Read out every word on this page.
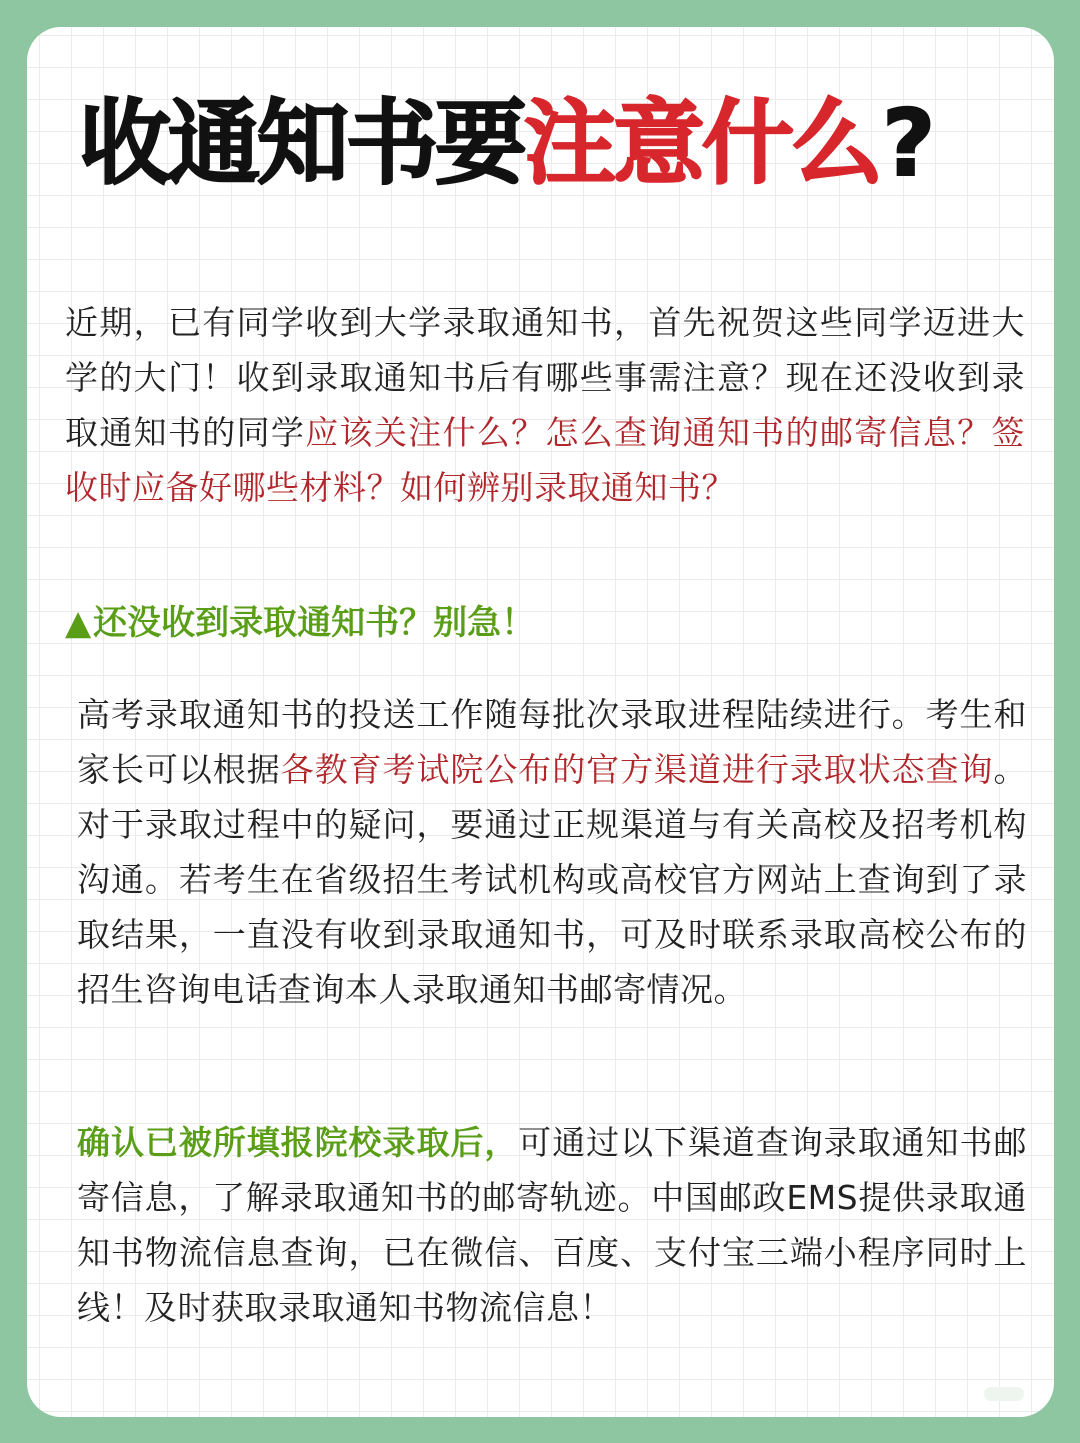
收通知书要注意什么?

近期，已有同学收到大学录取通知书，首先祝贺这些同学迈进大学的大门！收到录取通知书后有哪些事需注意？现在还没收到录取通知书的同学应该关注什么？怎么查询通知书的邮寄信息？签收时应备好哪些材料？如何辨别录取通知书？

▲还没收到录取通知书？别急！

高考录取通知书的投送工作随每批次录取进程陆续进行。考生和家长可以根据各教育考试院公布的官方渠道进行录取状态查询。对于录取过程中的疑问，要通过正规渠道与有关高校及招考机构沟通。若考生在省级招生考试机构或高校官方网站上查询到了录取结果，一直没有收到录取通知书，可及时联系录取高校公布的招生咨询电话查询本人录取通知书邮寄情况。

确认已被所填报院校录取后，可通过以下渠道查询录取通知书邮寄信息，了解录取通知书的邮寄轨迹。中国邮政EMS提供录取通知书物流信息查询，已在微信、百度、支付宝三端小程序同时上线！及时获取录取通知书物流信息！
